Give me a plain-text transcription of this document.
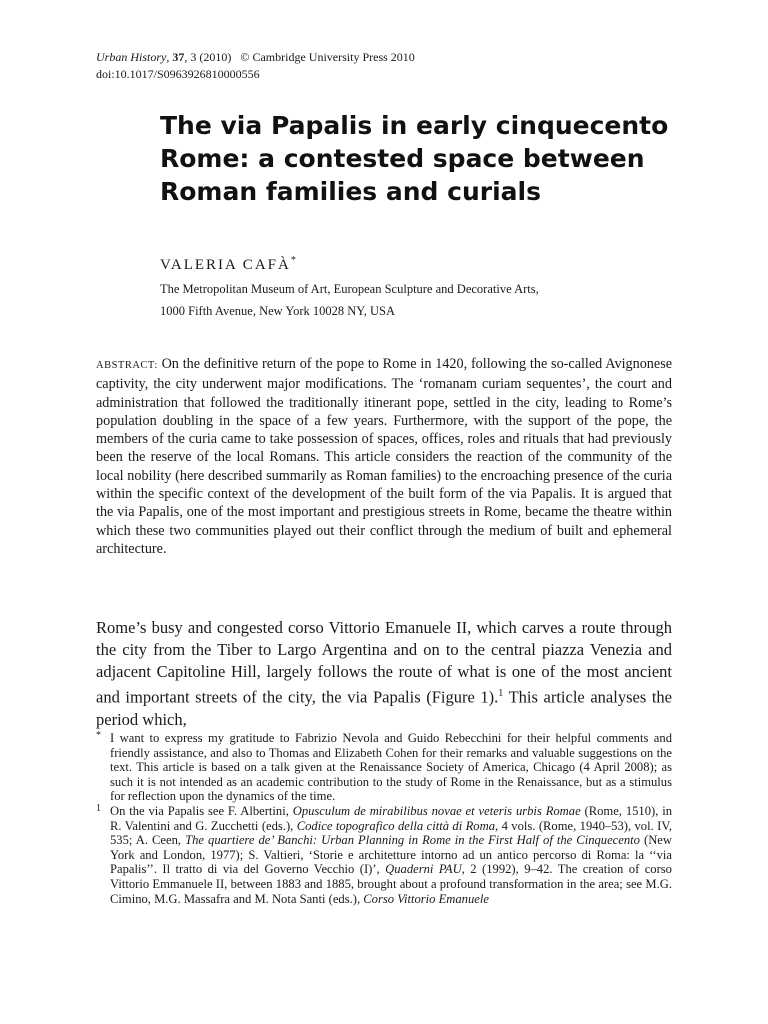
Urban History, 37, 3 (2010) © Cambridge University Press 2010
doi:10.1017/S0963926810000556
The via Papalis in early cinquecento Rome: a contested space between Roman families and curials
VALERIA CAFÀ*
The Metropolitan Museum of Art, European Sculpture and Decorative Arts,
1000 Fifth Avenue, New York 10028 NY, USA

ABSTRACT: On the definitive return of the pope to Rome in 1420, following the so-called Avignonese captivity, the city underwent major modifications. The ‘romanam curiam sequentes’, the court and administration that followed the traditionally itinerant pope, settled in the city, leading to Rome’s population doubling in the space of a few years. Furthermore, with the support of the pope, the members of the curia came to take possession of spaces, offices, roles and rituals that had previously been the reserve of the local Romans. This article considers the reaction of the community of the local nobility (here described summarily as Roman families) to the encroaching presence of the curia within the specific context of the development of the built form of the via Papalis. It is argued that the via Papalis, one of the most important and prestigious streets in Rome, became the theatre within which these two communities played out their conflict through the medium of built and ephemeral architecture.

Rome’s busy and congested corso Vittorio Emanuele II, which carves a route through the city from the Tiber to Largo Argentina and on to the central piazza Venezia and adjacent Capitoline Hill, largely follows the route of what is one of the most ancient and important streets of the city, the via Papalis (Figure 1).$^1$ This article analyses the period which,

* I want to express my gratitude to Fabrizio Nevola and Guido Rebecchini for their helpful comments and friendly assistance, and also to Thomas and Elizabeth Cohen for their remarks and valuable suggestions on the text. This article is based on a talk given at the Renaissance Society of America, Chicago (4 April 2008); as such it is not intended as an academic contribution to the study of Rome in the Renaissance, but as a stimulus for reflection upon the dynamics of the time.

1 On the via Papalis see F. Albertini, Opusculum de mirabilibus novae et veteris urbis Romae (Rome, 1510), in R. Valentini and G. Zucchetti (eds.), Codice topografico della città di Roma, 4 vols. (Rome, 1940–53), vol. IV, 535; A. Ceen, The quartiere de’ Banchi: Urban Planning in Rome in the First Half of the Cinquecento (New York and London, 1977); S. Valtieri, ‘Storie e architetture intorno ad un antico percorso di Roma: la ‘‘via Papalis’’. Il tratto di via del Governo Vecchio (I)’, Quaderni PAU, 2 (1992), 9–42. The creation of corso Vittorio Emmanuele II, between 1883 and 1885, brought about a profound transformation in the area; see M.G. Cimino, M.G. Massafra and M. Nota Santi (eds.), Corso Vittorio Emanuele
